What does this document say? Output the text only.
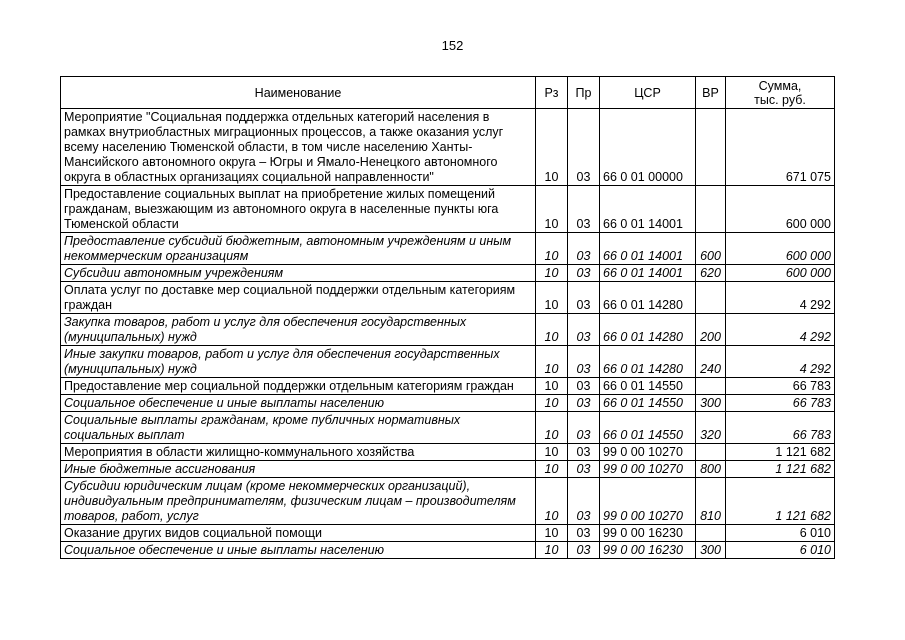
152
Наименование	Рз	Пр	ЦСР	ВР	Сумма,
тыс. руб.
Мероприятие "Социальная поддержка отдельных категорий населения в рамках внутриобластных миграционных процессов, а также оказания услуг всему населению Тюменской области, в том числе населению Ханты-Мансийского автономного округа – Югры и Ямало-Ненецкого автономного округа в областных организациях социальной направленности"	10	03	66 0 01 00000		671 075
Предоставление социальных выплат на приобретение жилых помещений гражданам, выезжающим из автономного округа в населенные пункты юга Тюменской области	10	03	66 0 01 14001		600 000
Предоставление субсидий бюджетным, автономным учреждениям и иным некоммерческим организациям	10	03	66 0 01 14001	600	600 000
Субсидии автономным учреждениям	10	03	66 0 01 14001	620	600 000
Оплата услуг по доставке мер социальной поддержки отдельным категориям граждан	10	03	66 0 01 14280		4 292
Закупка товаров, работ и услуг для обеспечения государственных (муниципальных) нужд	10	03	66 0 01 14280	200	4 292
Иные закупки товаров, работ и услуг для обеспечения государственных (муниципальных) нужд	10	03	66 0 01 14280	240	4 292
Предоставление мер социальной поддержки отдельным категориям граждан	10	03	66 0 01 14550		66 783
Социальное обеспечение и иные выплаты населению	10	03	66 0 01 14550	300	66 783
Социальные выплаты гражданам, кроме публичных нормативных социальных выплат	10	03	66 0 01 14550	320	66 783
Мероприятия в области жилищно-коммунального хозяйства	10	03	99 0 00 10270		1 121 682
Иные бюджетные ассигнования	10	03	99 0 00 10270	800	1 121 682
Субсидии юридическим лицам (кроме некоммерческих организаций), индивидуальным предпринимателям, физическим лицам – производителям товаров, работ, услуг	10	03	99 0 00 10270	810	1 121 682
Оказание других видов социальной помощи	10	03	99 0 00 16230		6 010
Социальное обеспечение и иные выплаты населению	10	03	99 0 00 16230	300	6 010
